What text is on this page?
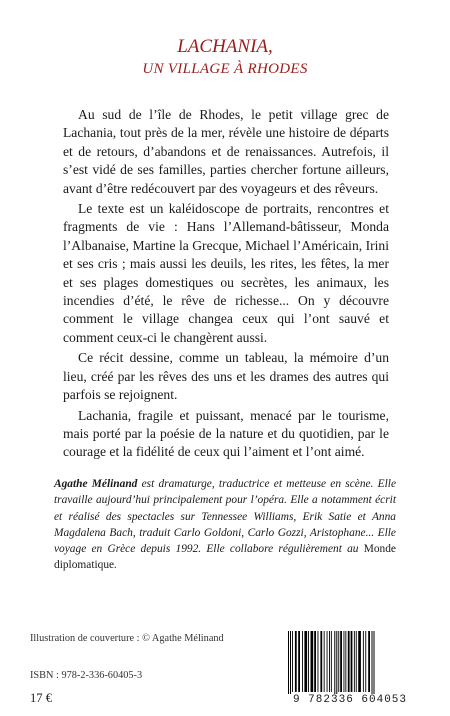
LACHANIA,
UN VILLAGE À RHODES

Au sud de l’île de Rhodes, le petit village grec de Lachania, tout près de la mer, révèle une histoire de départs et de retours, d’abandons et de renaissances. Autrefois, il s’est vidé de ses familles, parties chercher fortune ailleurs, avant d’être redécouvert par des voyageurs et des rêveurs.

Le texte est un kaléidoscope de portraits, rencontres et fragments de vie : Hans l’Allemand-bâtisseur, Monda l’Albanaise, Martine la Grecque, Michael l’Américain, Irini et ses cris ; mais aussi les deuils, les rites, les fêtes, la mer et ses plages domestiques ou secrètes, les animaux, les incendies d’été, le rêve de richesse... On y découvre comment le village changea ceux qui l’ont sauvé et comment ceux-ci le changèrent aussi.

Ce récit dessine, comme un tableau, la mémoire d’un lieu, créé par les rêves des uns et les drames des autres qui parfois se rejoignent.

Lachania, fragile et puissant, menacé par le tourisme, mais porté par la poésie de la nature et du quotidien, par le courage et la fidélité de ceux qui l’aiment et l’ont aimé.

Agathe Mélinand est dramaturge, traductrice et metteuse en scène. Elle travaille aujourd’hui principalement pour l’opéra. Elle a notamment écrit et réalisé des spectacles sur Tennessee Williams, Erik Satie et Anna Magdalena Bach, traduit Carlo Goldoni, Carlo Gozzi, Aristophane... Elle voyage en Grèce depuis 1992. Elle collabore régulièrement au Monde diplomatique.
Illustration de couverture : © Agathe Mélinand
ISBN : 978-2-336-60405-3
17 €	9 782336 604053
